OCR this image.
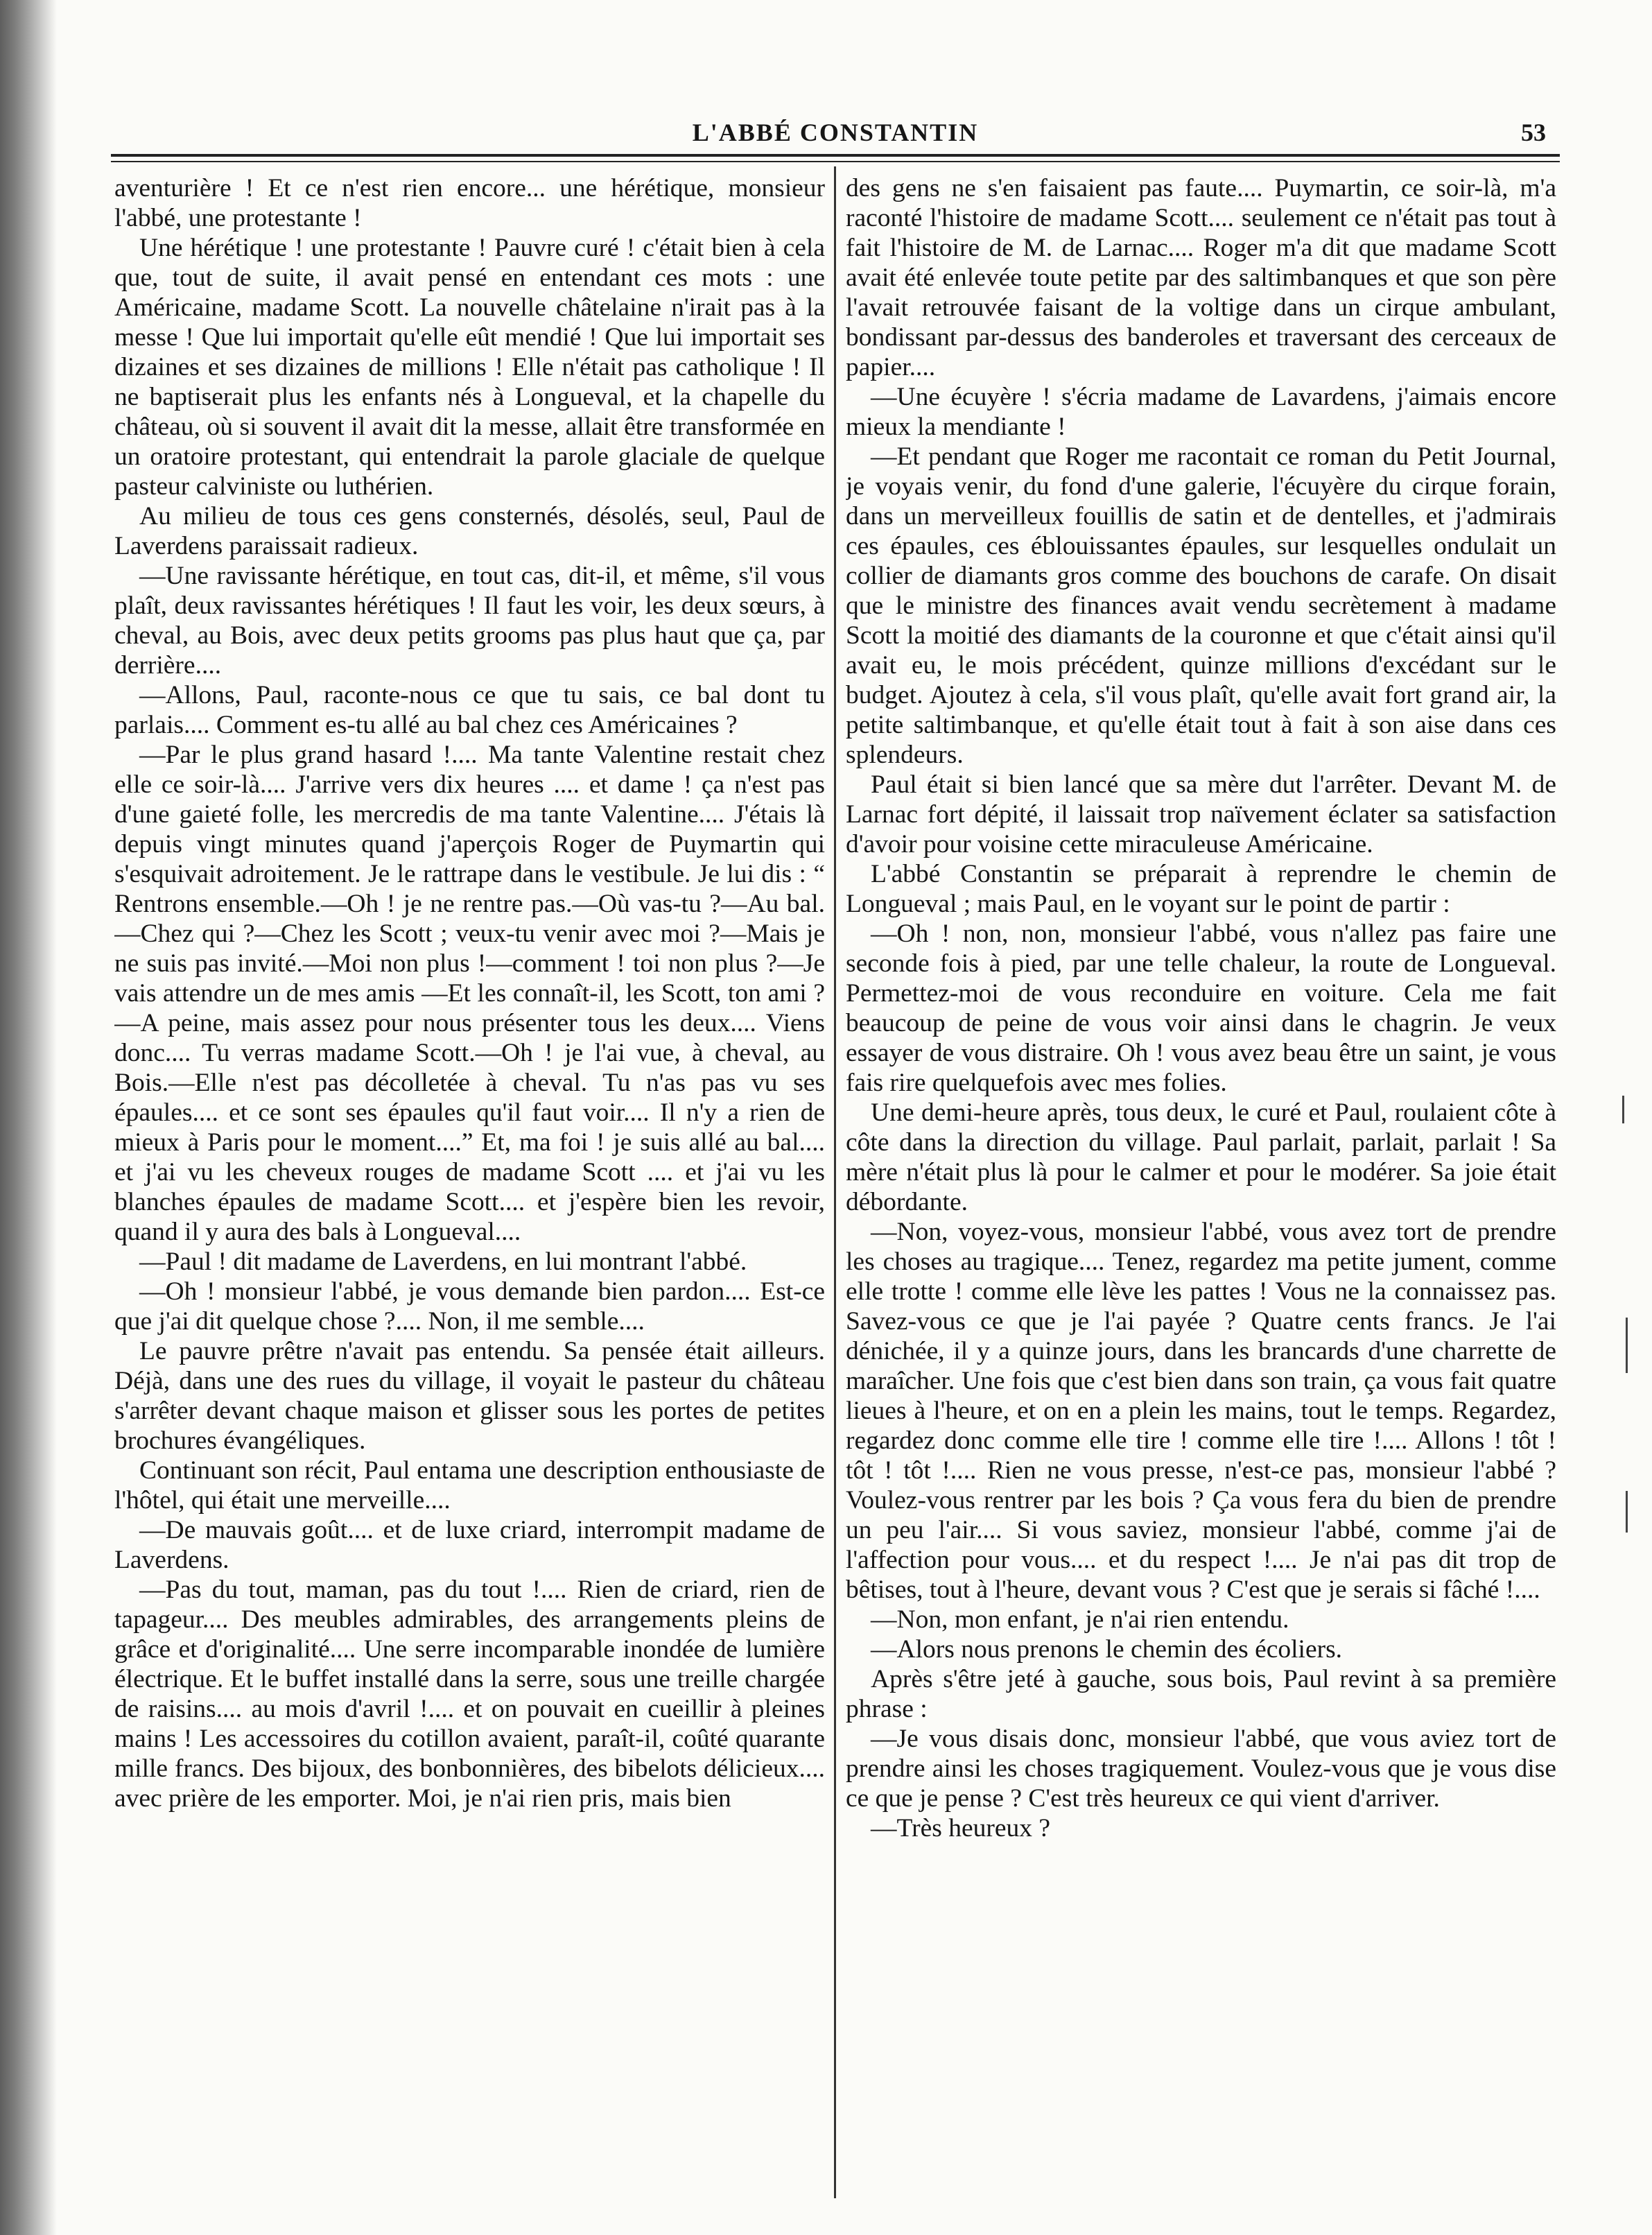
L'ABBÉ CONSTANTIN	53

aventurière ! Et ce n'est rien encore... une hérétique, monsieur l'abbé, une protestante !

Une hérétique ! une protestante ! Pauvre curé ! c'était bien à cela que, tout de suite, il avait pensé en entendant ces mots : une Américaine, madame Scott. La nouvelle châtelaine n'irait pas à la messe ! Que lui importait qu'elle eût mendié ! Que lui importait ses dizaines et ses dizaines de millions ! Elle n'était pas catholique ! Il ne baptiserait plus les enfants nés à Longueval, et la chapelle du château, où si souvent il avait dit la messe, allait être transformée en un oratoire protestant, qui entendrait la parole glaciale de quelque pasteur calviniste ou luthérien.

Au milieu de tous ces gens consternés, désolés, seul, Paul de Laverdens paraissait radieux.

—Une ravissante hérétique, en tout cas, dit-il, et même, s'il vous plaît, deux ravissantes hérétiques ! Il faut les voir, les deux sœurs, à cheval, au Bois, avec deux petits grooms pas plus haut que ça, par derrière....

—Allons, Paul, raconte-nous ce que tu sais, ce bal dont tu parlais.... Comment es-tu allé au bal chez ces Américaines ?

—Par le plus grand hasard !.... Ma tante Valentine restait chez elle ce soir-là.... J'arrive vers dix heures .... et dame ! ça n'est pas d'une gaieté folle, les mercredis de ma tante Valentine.... J'étais là depuis vingt minutes quand j'aperçois Roger de Puymartin qui s'esquivait adroitement. Je le rattrape dans le vestibule. Je lui dis : “ Rentrons ensemble.—Oh ! je ne rentre pas.—Où vas-tu ?—Au bal.—Chez qui ?—Chez les Scott ; veux-tu venir avec moi ?—Mais je ne suis pas invité.—Moi non plus !—comment ! toi non plus ?—Je vais attendre un de mes amis —Et les connaît-il, les Scott, ton ami ?—A peine, mais assez pour nous présenter tous les deux.... Viens donc.... Tu verras madame Scott.—Oh ! je l'ai vue, à cheval, au Bois.—Elle n'est pas décolletée à cheval. Tu n'as pas vu ses épaules.... et ce sont ses épaules qu'il faut voir.... Il n'y a rien de mieux à Paris pour le moment....” Et, ma foi ! je suis allé au bal.... et j'ai vu les cheveux rouges de madame Scott .... et j'ai vu les blanches épaules de madame Scott.... et j'espère bien les revoir, quand il y aura des bals à Longueval....

—Paul ! dit madame de Laverdens, en lui montrant l'abbé.

—Oh ! monsieur l'abbé, je vous demande bien pardon.... Est-ce que j'ai dit quelque chose ?.... Non, il me semble....

Le pauvre prêtre n'avait pas entendu. Sa pensée était ailleurs. Déjà, dans une des rues du village, il voyait le pasteur du château s'arrêter devant chaque maison et glisser sous les portes de petites brochures évangéliques.

Continuant son récit, Paul entama une description enthousiaste de l'hôtel, qui était une merveille....

—De mauvais goût.... et de luxe criard, interrompit madame de Laverdens.

—Pas du tout, maman, pas du tout !.... Rien de criard, rien de tapageur.... Des meubles admirables, des arrangements pleins de grâce et d'originalité.... Une serre incomparable inondée de lumière électrique. Et le buffet installé dans la serre, sous une treille chargée de raisins.... au mois d'avril !.... et on pouvait en cueillir à pleines mains ! Les accessoires du cotillon avaient, paraît-il, coûté quarante mille francs. Des bijoux, des bonbonnières, des bibelots délicieux.... avec prière de les emporter. Moi, je n'ai rien pris, mais bien

des gens ne s'en faisaient pas faute.... Puymartin, ce soir-là, m'a raconté l'histoire de madame Scott.... seulement ce n'était pas tout à fait l'histoire de M. de Larnac.... Roger m'a dit que madame Scott avait été enlevée toute petite par des saltimbanques et que son père l'avait retrouvée faisant de la voltige dans un cirque ambulant, bondissant par-dessus des banderoles et traversant des cerceaux de papier....

—Une écuyère ! s'écria madame de Lavardens, j'aimais encore mieux la mendiante !

—Et pendant que Roger me racontait ce roman du Petit Journal, je voyais venir, du fond d'une galerie, l'écuyère du cirque forain, dans un merveilleux fouillis de satin et de dentelles, et j'admirais ces épaules, ces éblouissantes épaules, sur lesquelles ondulait un collier de diamants gros comme des bouchons de carafe. On disait que le ministre des finances avait vendu secrètement à madame Scott la moitié des diamants de la couronne et que c'était ainsi qu'il avait eu, le mois précédent, quinze millions d'excédant sur le budget. Ajoutez à cela, s'il vous plaît, qu'elle avait fort grand air, la petite saltimbanque, et qu'elle était tout à fait à son aise dans ces splendeurs.

Paul était si bien lancé que sa mère dut l'arrêter. Devant M. de Larnac fort dépité, il laissait trop naïvement éclater sa satisfaction d'avoir pour voisine cette miraculeuse Américaine.

L'abbé Constantin se préparait à reprendre le chemin de Longueval ; mais Paul, en le voyant sur le point de partir :

—Oh ! non, non, monsieur l'abbé, vous n'allez pas faire une seconde fois à pied, par une telle chaleur, la route de Longueval. Permettez-moi de vous reconduire en voiture. Cela me fait beaucoup de peine de vous voir ainsi dans le chagrin. Je veux essayer de vous distraire. Oh ! vous avez beau être un saint, je vous fais rire quelquefois avec mes folies.

Une demi-heure après, tous deux, le curé et Paul, roulaient côte à côte dans la direction du village. Paul parlait, parlait, parlait ! Sa mère n'était plus là pour le calmer et pour le modérer. Sa joie était débordante.

—Non, voyez-vous, monsieur l'abbé, vous avez tort de prendre les choses au tragique.... Tenez, regardez ma petite jument, comme elle trotte ! comme elle lève les pattes ! Vous ne la connaissez pas. Savez-vous ce que je l'ai payée ? Quatre cents francs. Je l'ai dénichée, il y a quinze jours, dans les brancards d'une charrette de maraîcher. Une fois que c'est bien dans son train, ça vous fait quatre lieues à l'heure, et on en a plein les mains, tout le temps. Regardez, regardez donc comme elle tire ! comme elle tire !.... Allons ! tôt ! tôt ! tôt !.... Rien ne vous presse, n'est-ce pas, monsieur l'abbé ? Voulez-vous rentrer par les bois ? Ça vous fera du bien de prendre un peu l'air.... Si vous saviez, monsieur l'abbé, comme j'ai de l'affection pour vous.... et du respect !.... Je n'ai pas dit trop de bêtises, tout à l'heure, devant vous ? C'est que je serais si fâché !....

—Non, mon enfant, je n'ai rien entendu.

—Alors nous prenons le chemin des écoliers.

Après s'être jeté à gauche, sous bois, Paul revint à sa première phrase :

—Je vous disais donc, monsieur l'abbé, que vous aviez tort de prendre ainsi les choses tragiquement. Voulez-vous que je vous dise ce que je pense ? C'est très heureux ce qui vient d'arriver.

—Très heureux ?
